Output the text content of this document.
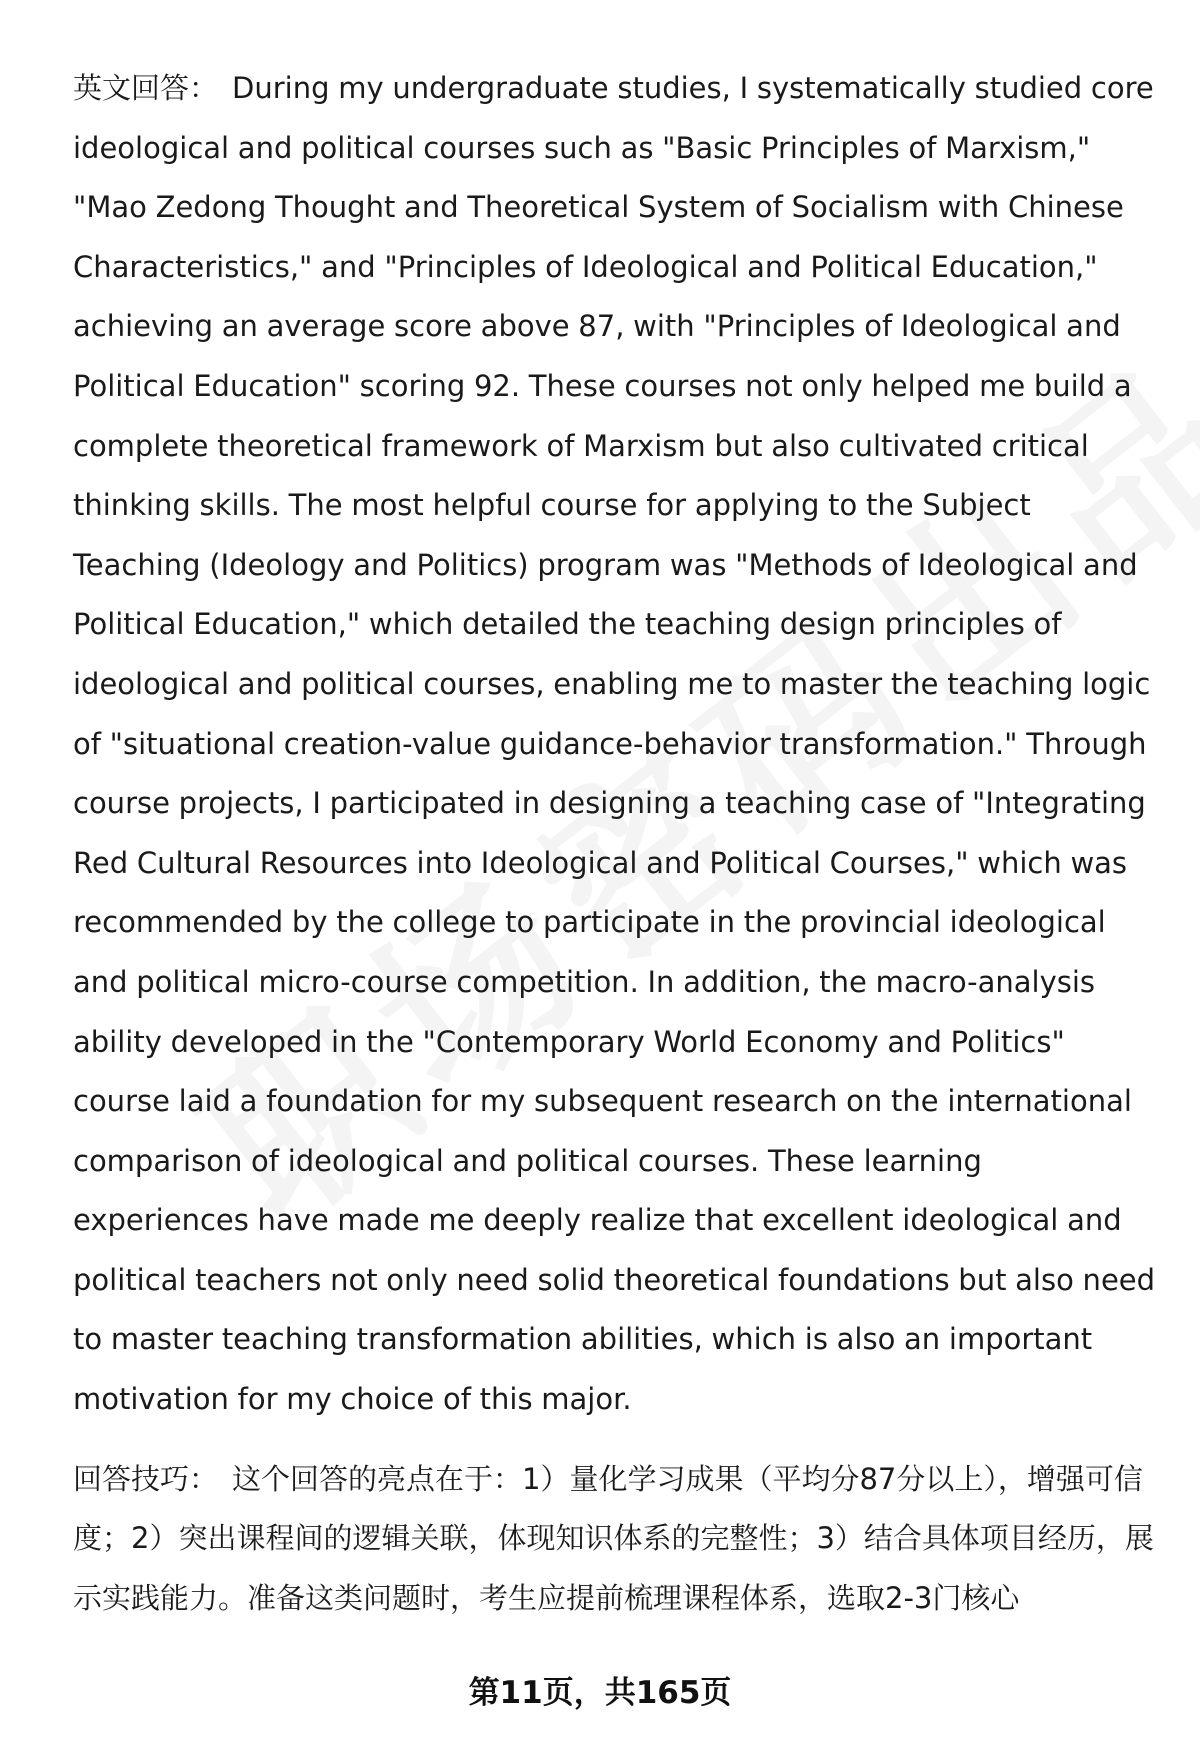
英文回答： During my undergraduate studies, I systematically studied core ideological and political courses such as "Basic Principles of Marxism," "Mao Zedong Thought and Theoretical System of Socialism with Chinese Characteristics," and "Principles of Ideological and Political Education," achieving an average score above 87, with "Principles of Ideological and Political Education" scoring 92. These courses not only helped me build a complete theoretical framework of Marxism but also cultivated critical thinking skills. The most helpful course for applying to the Subject Teaching (Ideology and Politics) program was "Methods of Ideological and Political Education," which detailed the teaching design principles of ideological and political courses, enabling me to master the teaching logic of "situational creation-value guidance-behavior transformation." Through course projects, I participated in designing a teaching case of "Integrating Red Cultural Resources into Ideological and Political Courses," which was recommended by the college to participate in the provincial ideological and political micro-course competition. In addition, the macro-analysis ability developed in the "Contemporary World Economy and Politics" course laid a foundation for my subsequent research on the international comparison of ideological and political courses. These learning experiences have made me deeply realize that excellent ideological and political teachers not only need solid theoretical foundations but also need to master teaching transformation abilities, which is also an important motivation for my choice of this major.

回答技巧： 这个回答的亮点在于：1）量化学习成果（平均分87分以上），增强可信度；2）突出课程间的逻辑关联，体现知识体系的完整性；3）结合具体项目经历，展示实践能力。准备这类问题时，考生应提前梳理课程体系，选取2-3门核心

第11页，共165页
